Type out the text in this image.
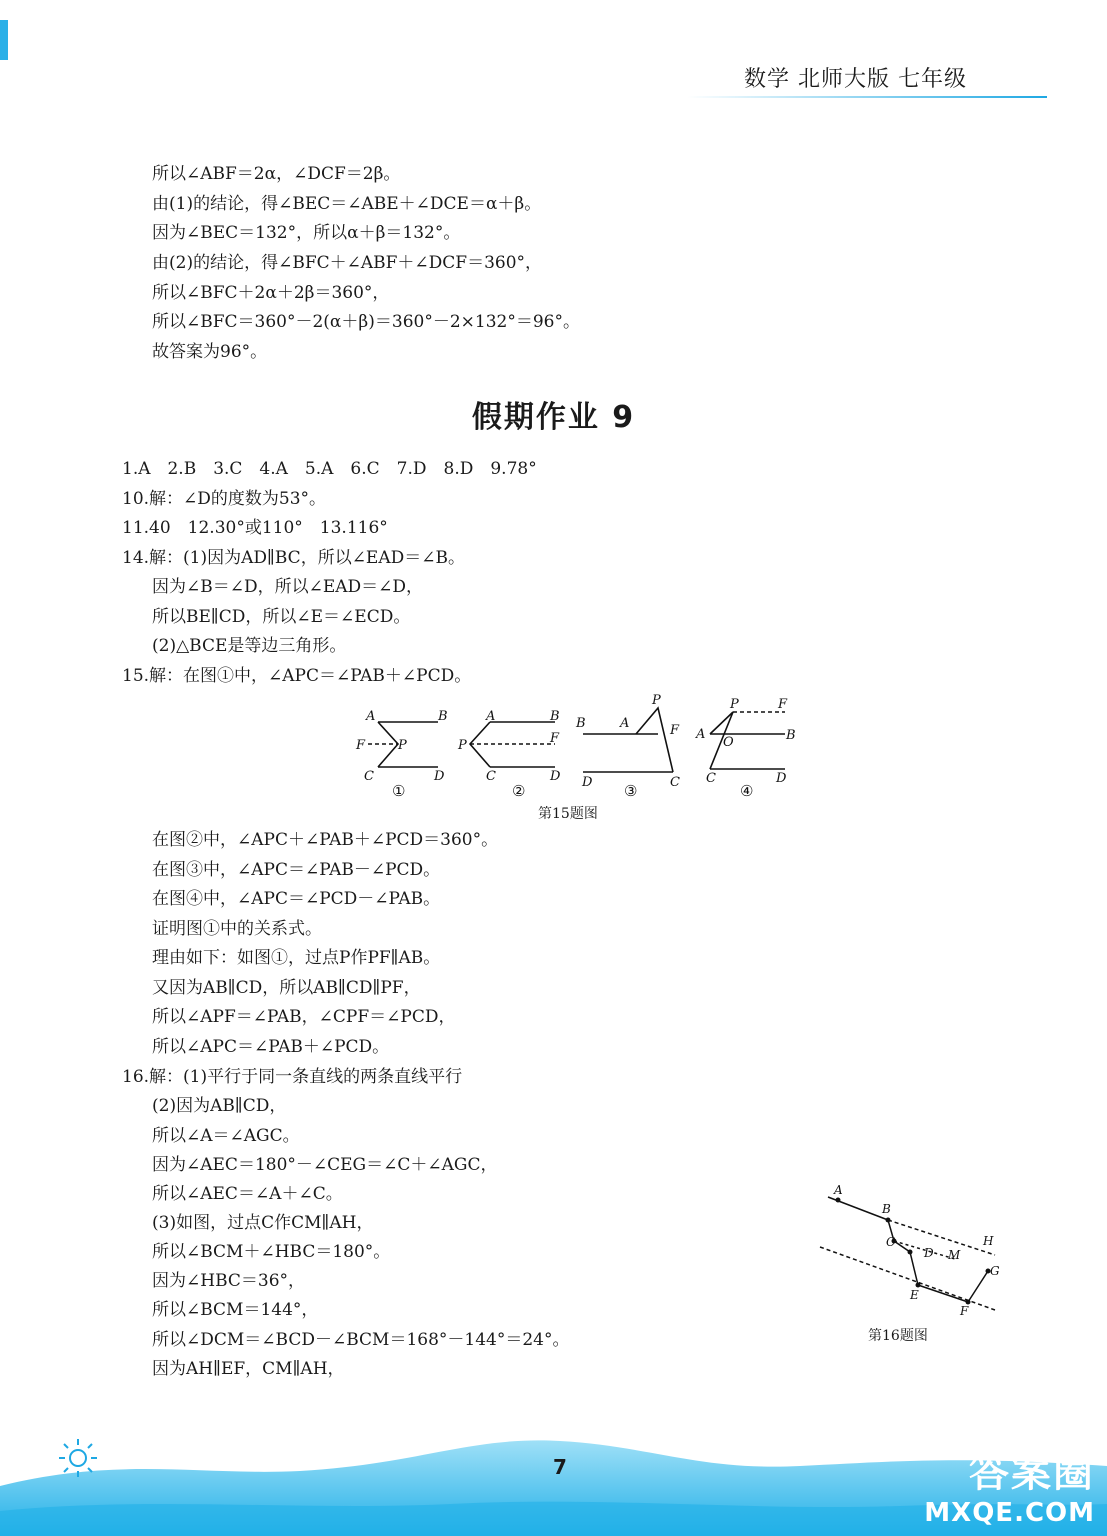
数学 北师大版 七年级
所以∠ABF＝2α，∠DCF＝2β。
由(1)的结论，得∠BEC＝∠ABE＋∠DCE＝α＋β。
因为∠BEC＝132°，所以α＋β＝132°。
由(2)的结论，得∠BFC＋∠ABF＋∠DCF＝360°，
所以∠BFC＋2α＋2β＝360°，
所以∠BFC＝360°－2(α＋β)＝360°－2×132°＝96°。
故答案为96°。
假期作业 9
1.A　2.B　3.C　4.A　5.A　6.C　7.D　8.D　9.78°
10.解：∠D的度数为53°。
11.40　12.30°或110°　13.116°
14.解：(1)因为AD∥BC，所以∠EAD＝∠B。
因为∠B＝∠D，所以∠EAD＝∠D，
所以BE∥CD，所以∠E＝∠ECD。
(2)△BCE是等边三角形。
15.解：在图①中，∠APC＝∠PAB＋∠PCD。
A	B
F	P
C	D
A	B
P	F
C	D
B	A
P
F
D	C
P	F
A
O	B
C	D
①	②	③	④
第15题图
在图②中，∠APC＋∠PAB＋∠PCD＝360°。
在图③中，∠APC＝∠PAB－∠PCD。
在图④中，∠APC＝∠PCD－∠PAB。
证明图①中的关系式。
理由如下：如图①，过点P作PF∥AB。
又因为AB∥CD，所以AB∥CD∥PF，
所以∠APF＝∠PAB，∠CPF＝∠PCD，
所以∠APC＝∠PAB＋∠PCD。
16.解：(1)平行于同一条直线的两条直线平行
(2)因为AB∥CD，
所以∠A＝∠AGC。
因为∠AEC＝180°－∠CEG＝∠C＋∠AGC，
所以∠AEC＝∠A＋∠C。
(3)如图，过点C作CM∥AH，
所以∠BCM＋∠HBC＝180°。
因为∠HBC＝36°，
所以∠BCM＝144°，
所以∠DCM＝∠BCD－∠BCM＝168°－144°＝24°。
因为AH∥EF，CM∥AH，
A
B
C
D M
H
G
E
F
第16题图
7	答案圈
MXQE.COM
